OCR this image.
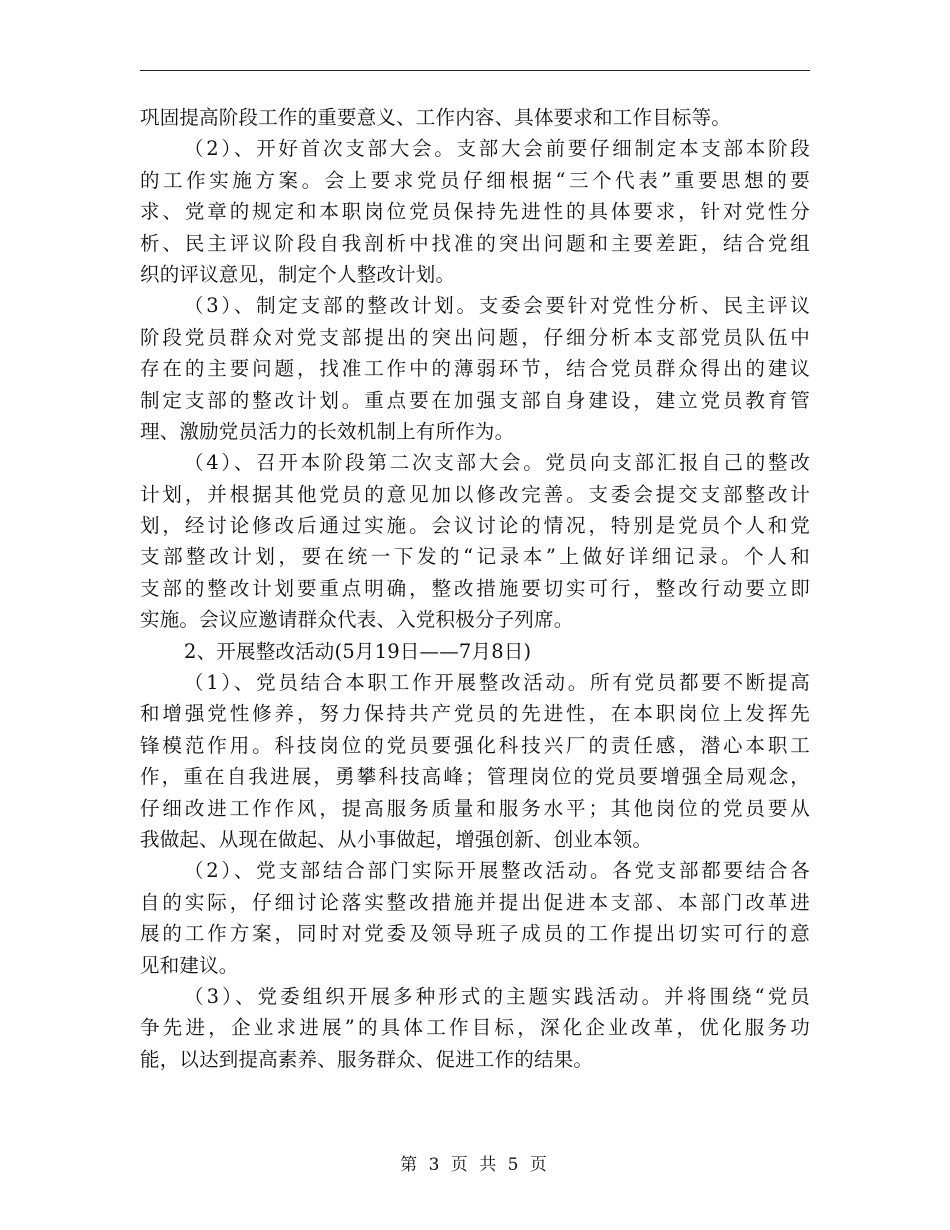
巩固提高阶段工作的重要意义、工作内容、具体要求和工作目标等。
（2）、开好首次支部大会。支部大会前要仔细制定本支部本阶段
的工作实施方案。会上要求党员仔细根据“三个代表”重要思想的要
求、党章的规定和本职岗位党员保持先进性的具体要求，针对党性分
析、民主评议阶段自我剖析中找准的突出问题和主要差距，结合党组
织的评议意见，制定个人整改计划。
（3）、制定支部的整改计划。支委会要针对党性分析、民主评议
阶段党员群众对党支部提出的突出问题，仔细分析本支部党员队伍中
存在的主要问题，找准工作中的薄弱环节，结合党员群众得出的建议
制定支部的整改计划。重点要在加强支部自身建设，建立党员教育管
理、激励党员活力的长效机制上有所作为。
（4）、召开本阶段第二次支部大会。党员向支部汇报自己的整改
计划，并根据其他党员的意见加以修改完善。支委会提交支部整改计
划，经讨论修改后通过实施。会议讨论的情况，特别是党员个人和党
支部整改计划，要在统一下发的“记录本”上做好详细记录。个人和
支部的整改计划要重点明确，整改措施要切实可行，整改行动要立即
实施。会议应邀请群众代表、入党积极分子列席。
2、开展整改活动(5月19日——7月8日)
（1）、党员结合本职工作开展整改活动。所有党员都要不断提高
和增强党性修养，努力保持共产党员的先进性，在本职岗位上发挥先
锋模范作用。科技岗位的党员要强化科技兴厂的责任感，潜心本职工
作，重在自我进展，勇攀科技高峰；管理岗位的党员要增强全局观念，
仔细改进工作作风，提高服务质量和服务水平；其他岗位的党员要从
我做起、从现在做起、从小事做起，增强创新、创业本领。
（2）、党支部结合部门实际开展整改活动。各党支部都要结合各
自的实际，仔细讨论落实整改措施并提出促进本支部、本部门改革进
展的工作方案，同时对党委及领导班子成员的工作提出切实可行的意
见和建议。
（3）、党委组织开展多种形式的主题实践活动。并将围绕“党员
争先进，企业求进展”的具体工作目标，深化企业改革，优化服务功
能，以达到提高素养、服务群众、促进工作的结果。
第 3 页 共 5 页
